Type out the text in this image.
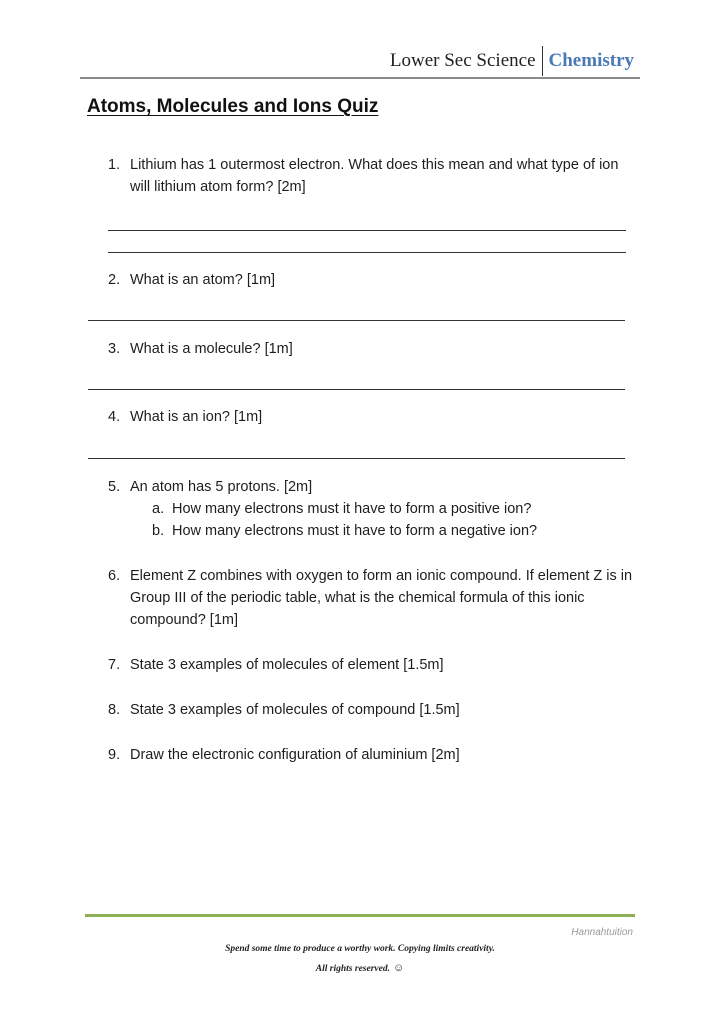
Lower Sec Science Chemistry
Atoms, Molecules and Ions Quiz
1. Lithium has 1 outermost electron. What does this mean and what type of ion will lithium atom form? [2m]
2. What is an atom? [1m]
3. What is a molecule? [1m]
4. What is an ion? [1m]
5. An atom has 5 protons. [2m]
a. How many electrons must it have to form a positive ion?
b. How many electrons must it have to form a negative ion?
6. Element Z combines with oxygen to form an ionic compound. If element Z is in Group III of the periodic table, what is the chemical formula of this ionic compound? [1m]
7. State 3 examples of molecules of element [1.5m]
8. State 3 examples of molecules of compound [1.5m]
9. Draw the electronic configuration of aluminium [2m]
Hannahtuition
Spend some time to produce a worthy work. Copying limits creativity.
All rights reserved. ☺
